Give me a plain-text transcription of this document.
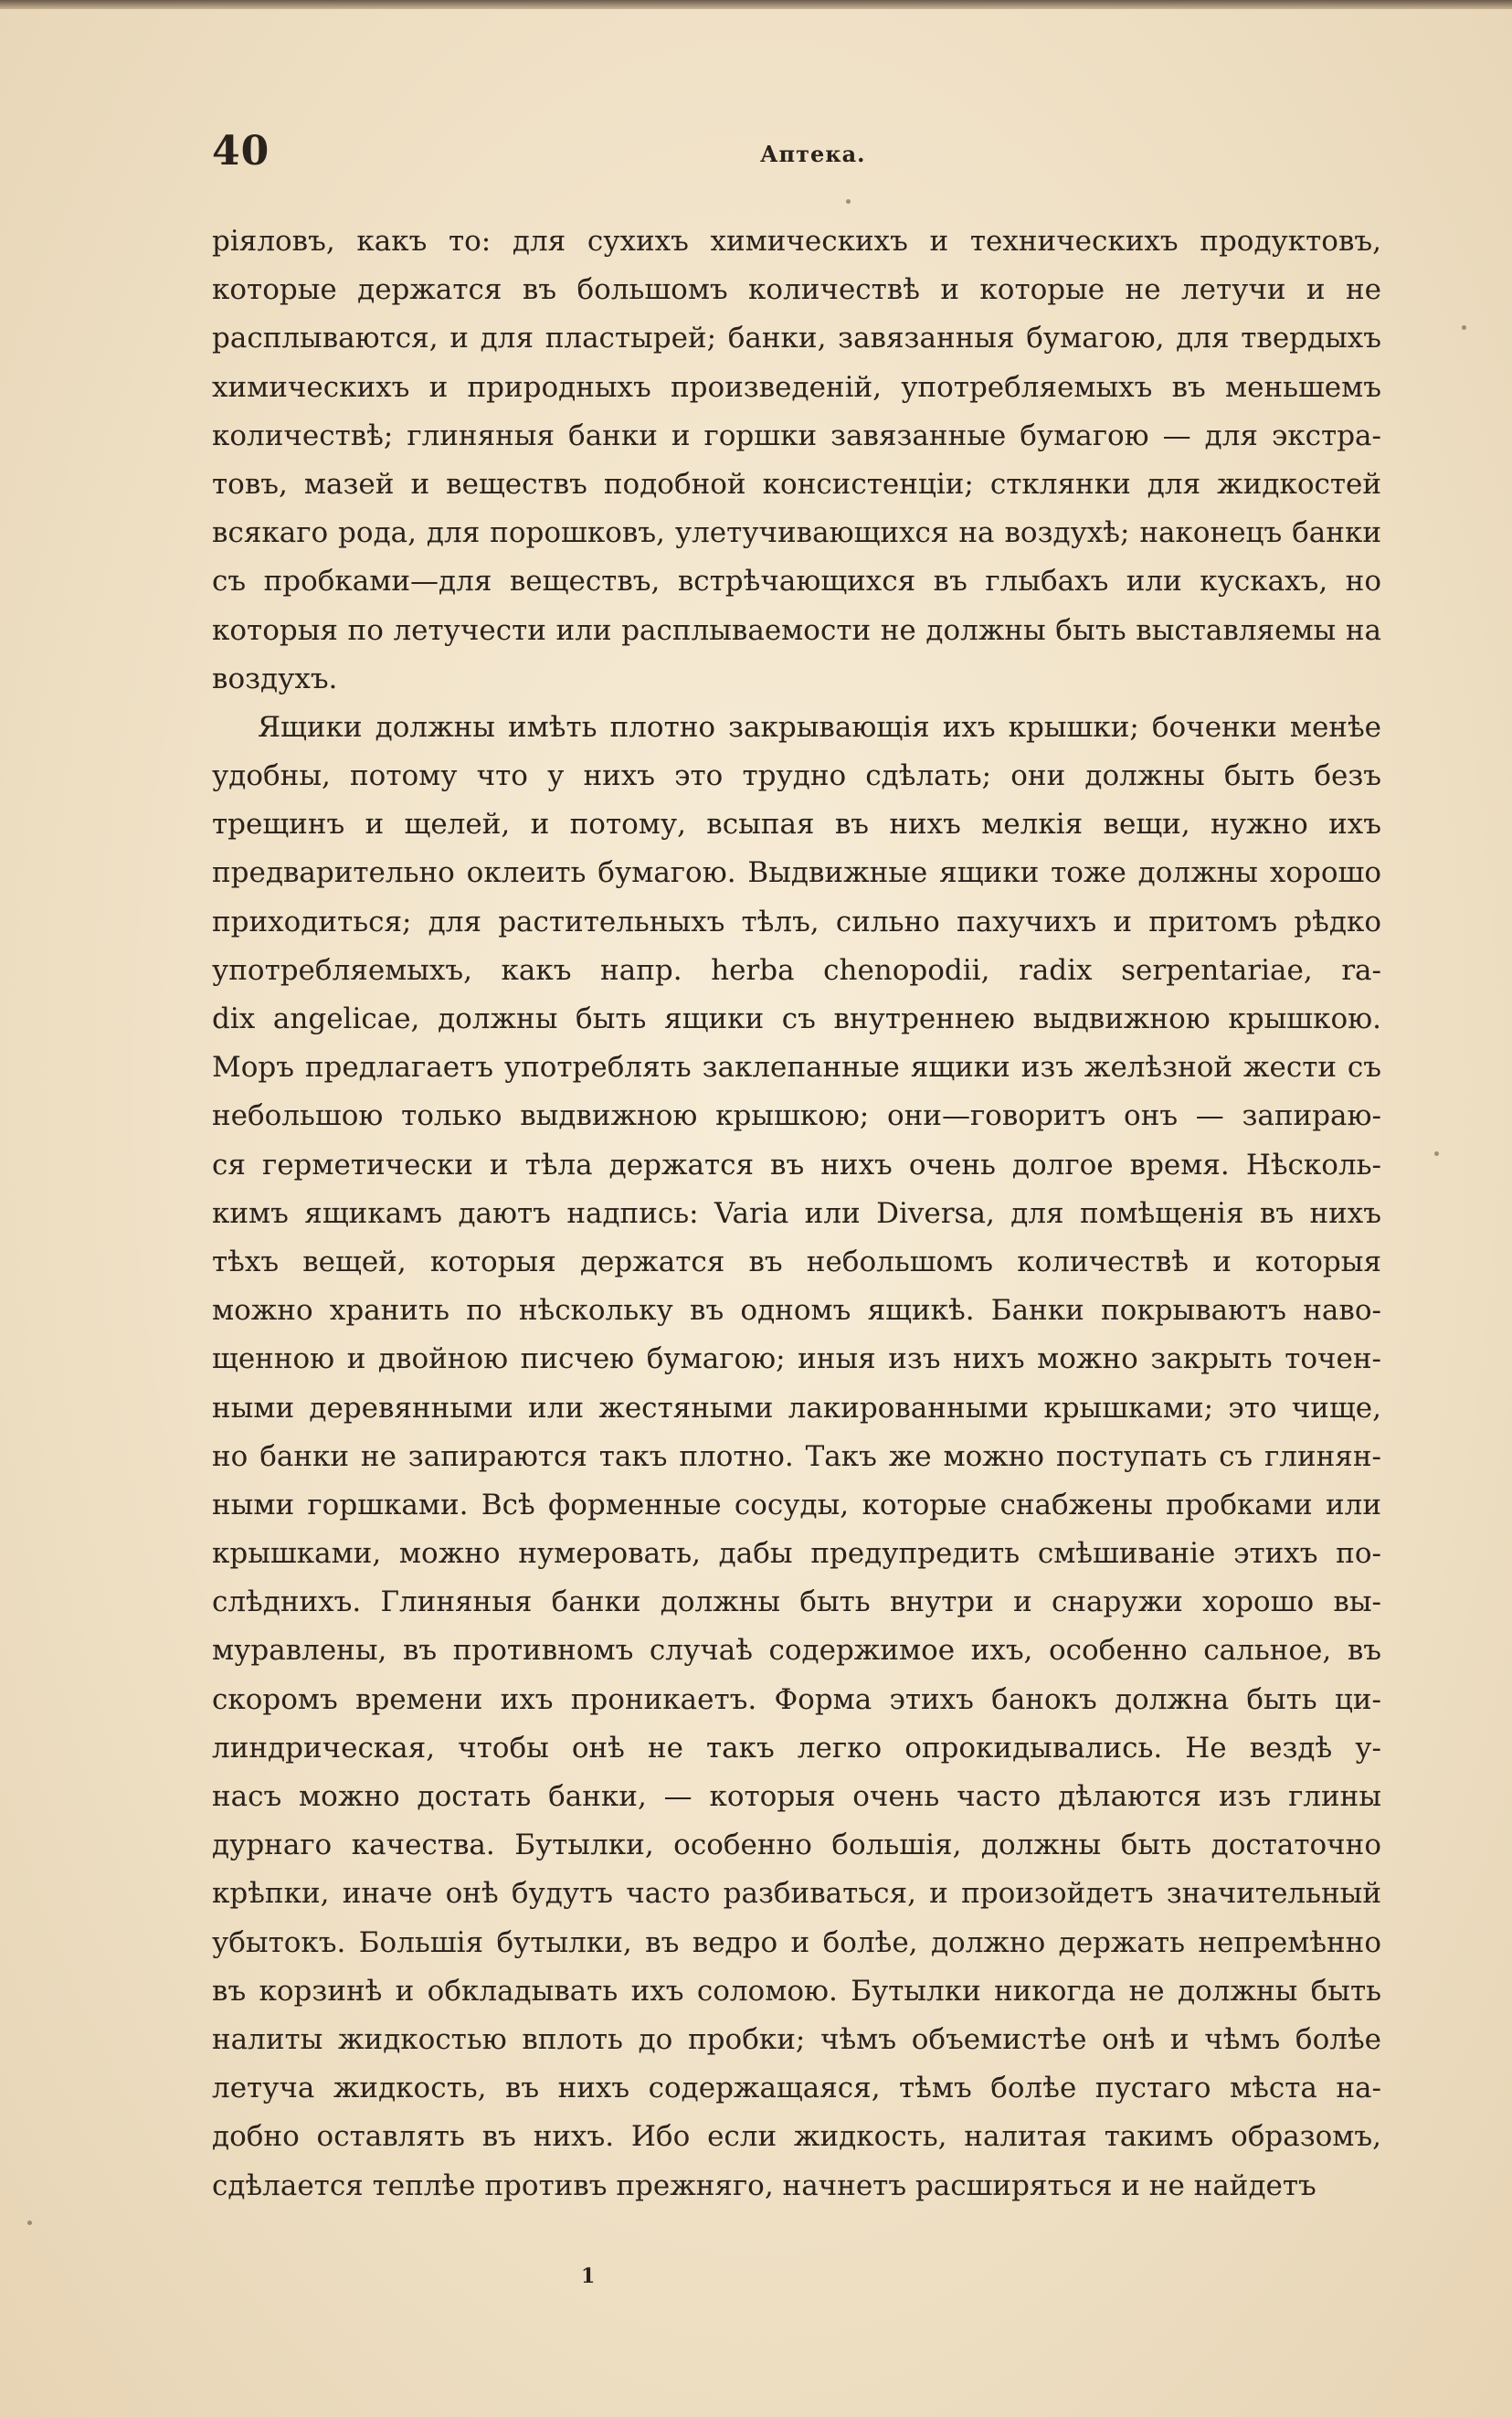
40	Аптека.
ріяловъ, какъ то: для сухихъ химическихъ и техническихъ продуктовъ,
которые держатся въ большомъ количествѣ и которые не летучи и не
расплываются, и для пластырей; банки, завязанныя бумагою, для твердыхъ
химическихъ и природныхъ произведеній, употребляемыхъ въ меньшемъ
количествѣ; глиняныя банки и горшки завязанные бумагою — для экстра-
товъ, мазей и веществъ подобной консистенціи; стклянки для жидкостей
всякаго рода, для порошковъ, улетучивающихся на воздухѣ; наконецъ банки
съ пробками—для веществъ, встрѣчающихся въ глыбахъ или кускахъ, но
которыя по летучести или расплываемости не должны быть выставляемы на
воздухъ.
Ящики должны имѣть плотно закрывающія ихъ крышки; боченки менѣе
удобны, потому что у нихъ это трудно сдѣлать; они должны быть безъ
трещинъ и щелей, и потому, всыпая въ нихъ мелкія вещи, нужно ихъ
предварительно оклеить бумагою. Выдвижные ящики тоже должны хорошо
приходиться; для растительныхъ тѣлъ, сильно пахучихъ и притомъ рѣдко
употребляемыхъ, какъ напр. herba chenopodii, radix serpentariae, ra-
dix angelicae, должны быть ящики съ внутреннею выдвижною крышкою.
Моръ предлагаетъ употреблять заклепанные ящики изъ желѣзной жести съ
небольшою только выдвижною крышкою; они—говоритъ онъ — запираю-
ся герметически и тѣла держатся въ нихъ очень долгое время. Нѣсколь-
кимъ ящикамъ даютъ надпись: Varia или Diversa, для помѣщенія въ нихъ
тѣхъ вещей, которыя держатся въ небольшомъ количествѣ и которыя
можно хранить по нѣскольку въ одномъ ящикѣ. Банки покрываютъ наво-
щенною и двойною писчею бумагою; иныя изъ нихъ можно закрыть точен-
ными деревянными или жестяными лакированными крышками; это чище,
но банки не запираются такъ плотно. Такъ же можно поступать съ глинян-
ными горшками. Всѣ форменные сосуды, которые снабжены пробками или
крышками, можно нумеровать, дабы предупредить смѣшиваніе этихъ по-
слѣднихъ. Глиняныя банки должны быть внутри и снаружи хорошо вы-
муравлены, въ противномъ случаѣ содержимое ихъ, особенно сальное, въ
скоромъ времени ихъ проникаетъ. Форма этихъ банокъ должна быть ци-
линдрическая, чтобы онѣ не такъ легко опрокидывались. Не вездѣ у-
насъ можно достать банки, — которыя очень часто дѣлаются изъ глины
дурнаго качества. Бутылки, особенно большія, должны быть достаточно
крѣпки, иначе онѣ будутъ часто разбиваться, и произойдетъ значительный
убытокъ. Большія бутылки, въ ведро и болѣе, должно держать непремѣнно
въ корзинѣ и обкладывать ихъ соломою. Бутылки никогда не должны быть
налиты жидкостью вплоть до пробки; чѣмъ объемистѣе онѣ и чѣмъ болѣе
летуча жидкость, въ нихъ содержащаяся, тѣмъ болѣе пустаго мѣста на-
добно оставлять въ нихъ. Ибо если жидкость, налитая такимъ образомъ,
сдѣлается теплѣе противъ прежняго, начнетъ расширяться и не найдетъ
1
